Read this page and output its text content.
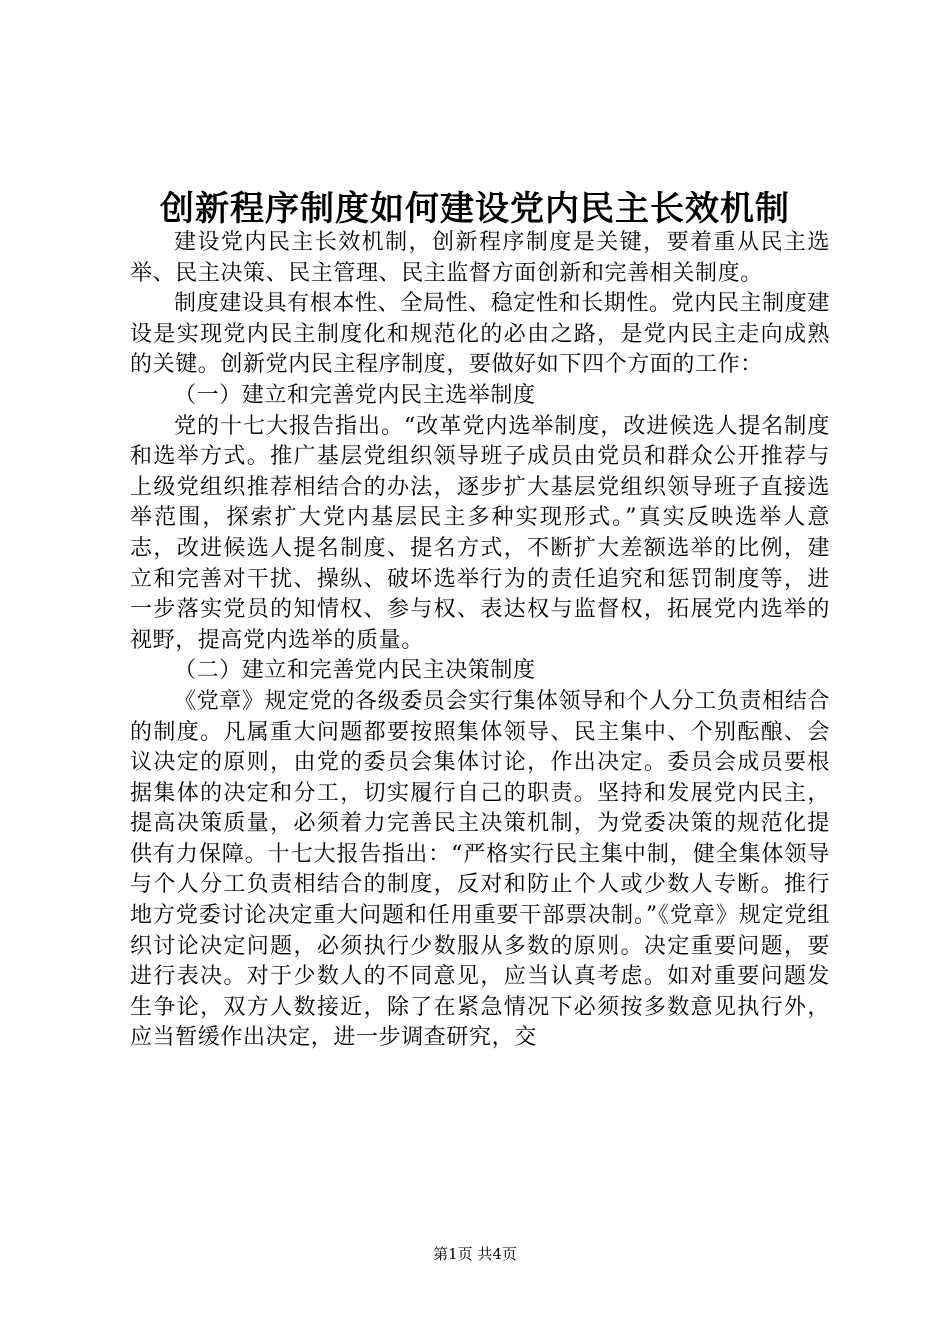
创新程序制度如何建设党内民主长效机制

建设党内民主长效机制，创新程序制度是关键，要着重从民主选举、民主决策、民主管理、民主监督方面创新和完善相关制度。

制度建设具有根本性、全局性、稳定性和长期性。党内民主制度建设是实现党内民主制度化和规范化的必由之路，是党内民主走向成熟的关键。创新党内民主程序制度，要做好如下四个方面的工作：

（一）建立和完善党内民主选举制度

党的十七大报告指出。“改革党内选举制度，改进候选人提名制度和选举方式。推广基层党组织领导班子成员由党员和群众公开推荐与上级党组织推荐相结合的办法，逐步扩大基层党组织领导班子直接选举范围，探索扩大党内基层民主多种实现形式。”真实反映选举人意志，改进候选人提名制度、提名方式，不断扩大差额选举的比例，建立和完善对干扰、操纵、破坏选举行为的责任追究和惩罚制度等，进一步落实党员的知情权、参与权、表达权与监督权，拓展党内选举的视野，提高党内选举的质量。

（二）建立和完善党内民主决策制度

《党章》规定党的各级委员会实行集体领导和个人分工负责相结合的制度。凡属重大问题都要按照集体领导、民主集中、个别酝酿、会议决定的原则，由党的委员会集体讨论，作出决定。委员会成员要根据集体的决定和分工，切实履行自己的职责。坚持和发展党内民主，提高决策质量，必须着力完善民主决策机制，为党委决策的规范化提供有力保障。十七大报告指出：“严格实行民主集中制，健全集体领导与个人分工负责相结合的制度，反对和防止个人或少数人专断。推行地方党委讨论决定重大问题和任用重要干部票决制。”《党章》规定党组织讨论决定问题，必须执行少数服从多数的原则。决定重要问题，要进行表决。对于少数人的不同意见，应当认真考虑。如对重要问题发生争论，双方人数接近，除了在紧急情况下必须按多数意见执行外，应当暂缓作出决定，进一步调查研究，交

第1页 共4页
